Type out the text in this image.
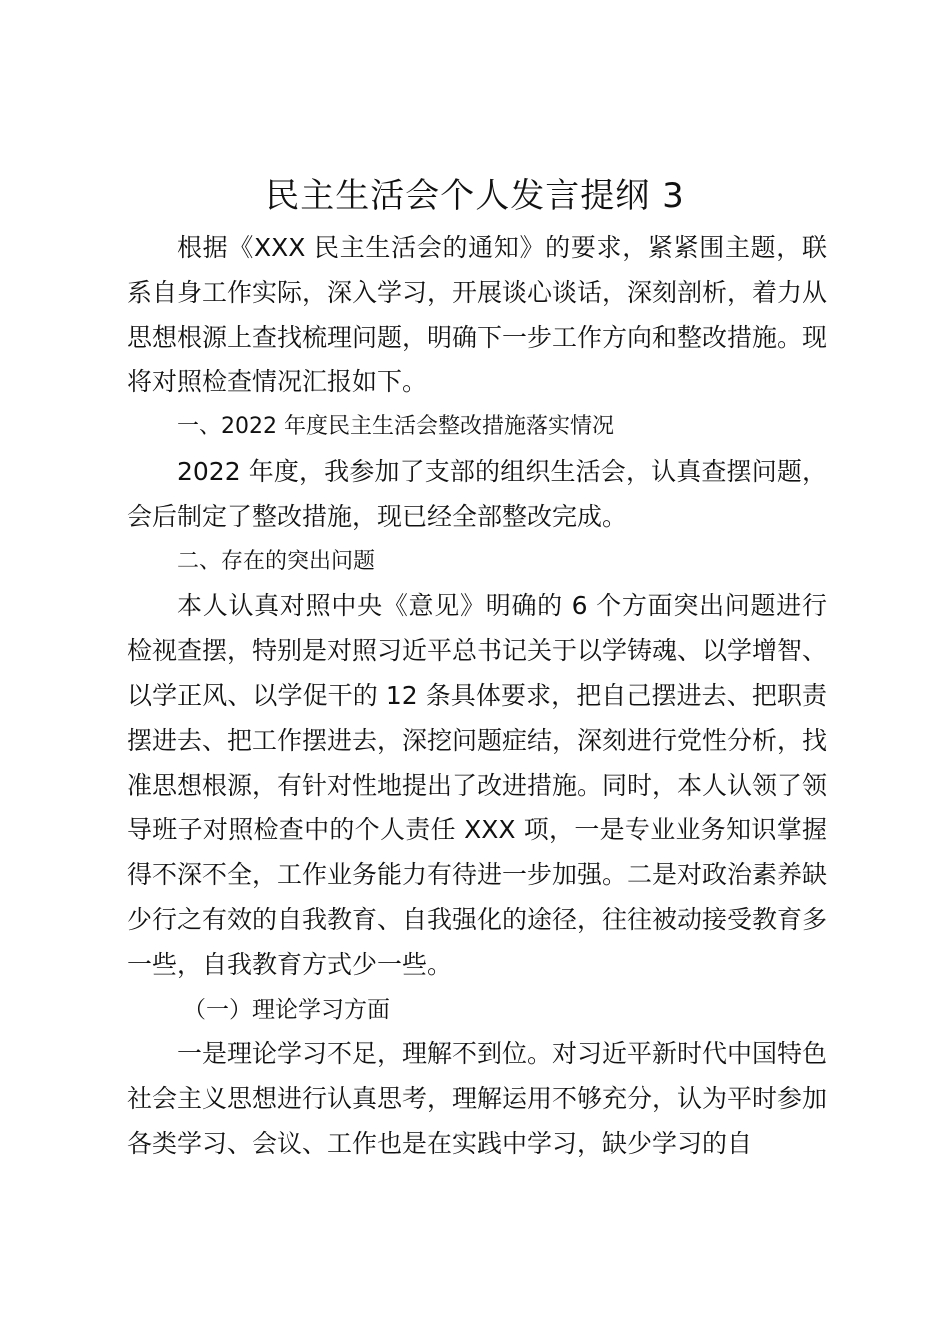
民主生活会个人发言提纲 3

根据《XXX 民主生活会的通知》的要求，紧紧围主题，联系自身工作实际，深入学习，开展谈心谈话，深刻剖析，着力从思想根源上查找梳理问题，明确下一步工作方向和整改措施。现将对照检查情况汇报如下。

一、2022 年度民主生活会整改措施落实情况

2022 年度，我参加了支部的组织生活会，认真查摆问题，会后制定了整改措施，现已经全部整改完成。

二、存在的突出问题

本人认真对照中央《意见》明确的 6 个方面突出问题进行检视查摆，特别是对照习近平总书记关于以学铸魂、以学增智、以学正风、以学促干的 12 条具体要求，把自己摆进去、把职责摆进去、把工作摆进去，深挖问题症结，深刻进行党性分析，找准思想根源，有针对性地提出了改进措施。同时，本人认领了领导班子对照检查中的个人责任 XXX 项，一是专业业务知识掌握得不深不全，工作业务能力有待进一步加强。二是对政治素养缺少行之有效的自我教育、自我强化的途径，往往被动接受教育多一些，自我教育方式少一些。

（一）理论学习方面

一是理论学习不足，理解不到位。对习近平新时代中国特色社会主义思想进行认真思考，理解运用不够充分，认为平时参加各类学习、会议、工作也是在实践中学习，缺少学习的自
